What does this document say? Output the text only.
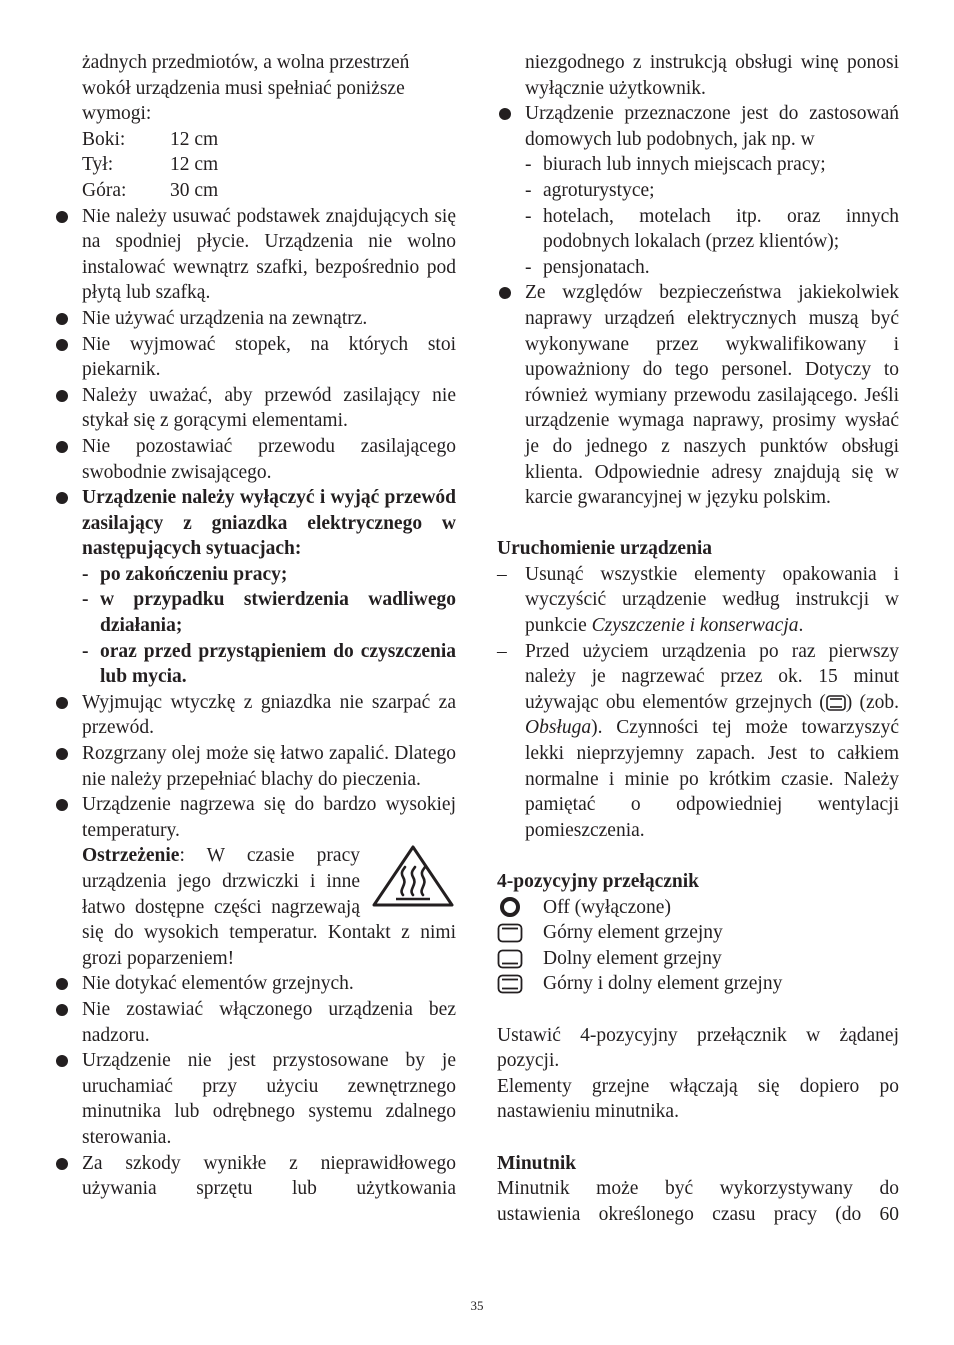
żadnych przedmiotów, a wolna przestrzeń

wokół urządzenia musi spełniać poniższe

wymogi:

Boki:	12 cm
Tył:	12 cm
Góra:	30 cm

Nie należy usuwać podstawek znajdujących się na spodniej płycie. Urządzenia nie wolno instalować wewnątrz szafki, bezpośrednio pod płytą lub szafką.

Nie używać urządzenia na zewnątrz.

Nie wyjmować stopek, na których stoi piekarnik.

Należy uważać, aby przewód zasilający nie stykał się z gorącymi elementami.

Nie pozostawiać przewodu zasilającego swobodnie zwisającego.

Urządzenie należy wyłączyć i wyjąć przewód zasilający z gniazdka elektrycznego w następujących sytuacjach:

- po zakończeniu pracy;

- w przypadku stwierdzenia wadliwego działania;

- oraz przed przystąpieniem do czyszczenia lub mycia.

Wyjmując wtyczkę z gniazdka nie szarpać za przewód.

Rozgrzany olej może się łatwo zapalić. Dlatego nie należy przepełniać blachy do pieczenia.

Urządzenie nagrzewa się do bardzo wysokiej temperatury.

Ostrzeżenie: W czasie pracy urządzenia jego drzwiczki i inne łatwo dostępne części nagrzewają się do wysokich temperatur. Kontakt z nimi grozi poparzeniem!

Nie dotykać elementów grzejnych.

Nie zostawiać włączonego urządzenia bez nadzoru.

Urządzenie nie jest przystosowane by je uruchamiać przy użyciu zewnętrznego minutnika lub odrębnego systemu zdalnego sterowania.

Za szkody wynikłe z nieprawidłowego używania sprzętu lub użytkowania

niezgodnego z instrukcją obsługi winę ponosi wyłącznie użytkownik.

Urządzenie przeznaczone jest do zastosowań domowych lub podobnych, jak np. w

- biurach lub innych miejscach pracy;

- agroturystyce;

- hotelach, motelach itp. oraz innych podobnych lokalach (przez klientów);

- pensjonatach.

Ze względów bezpieczeństwa jakiekolwiek naprawy urządzeń elektrycznych muszą być wykonywane przez wykwalifikowany i upoważniony do tego personel. Dotyczy to również wymiany przewodu zasilającego. Jeśli urządzenie wymaga naprawy, prosimy wysłać je do jednego z naszych punktów obsługi klienta. Odpowiednie adresy znajdują się w karcie gwarancyjnej w języku polskim.

Uruchomienie urządzenia

– Usunąć wszystkie elementy opakowania i wyczyścić urządzenie według instrukcji w punkcie Czyszczenie i konserwacja.

– Przed użyciem urządzenia po raz pierwszy należy je nagrzewać przez ok. 15 minut używając obu elementów grzejnych ( ) (zob. Obsługa). Czynności tej może towarzyszyć lekki nieprzyjemny zapach. Jest to całkiem normalne i minie po krótkim czasie. Należy pamiętać o odpowiedniej wentylacji pomieszczenia.

4-pozycyjny przełącznik

Off (wyłączone)
Górny element grzejny
Dolny element grzejny
Górny i dolny element grzejny

Ustawić 4-pozycyjny przełącznik w żądanej pozycji.

Elementy grzejne włączają się dopiero po nastawieniu minutnika.

Minutnik

Minutnik może być wykorzystywany do ustawienia określonego czasu pracy (do 60

35
